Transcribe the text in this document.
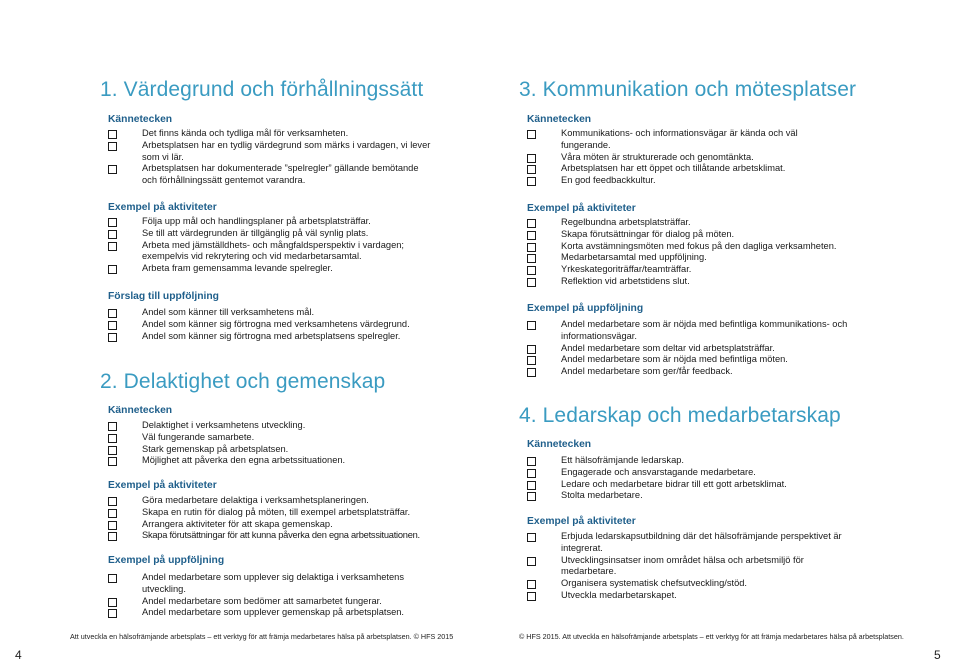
1. Värdegrund och förhållningssätt
Kännetecken
Det finns kända och tydliga mål för verksamheten.
Arbetsplatsen har en tydlig värdegrund som märks i vardagen, vi lever som vi lär.
Arbetsplatsen har dokumenterade ”spelregler” gällande bemötande och förhållningssätt gentemot varandra.
Exempel på aktiviteter
Följa upp mål och handlingsplaner på arbetsplatsträffar.
Se till att värdegrunden är tillgänglig på väl synlig plats.
Arbeta med jämställdhets- och mångfaldsperspektiv i vardagen; exempelvis vid rekrytering och vid medarbetarsamtal.
Arbeta fram gemensamma levande spelregler.
Förslag till uppföljning
Andel som känner till verksamhetens mål.
Andel som känner sig förtrogna med verksamhetens värdegrund.
Andel som känner sig förtrogna med arbetsplatsens spelregler.
2. Delaktighet och gemenskap
Kännetecken
Delaktighet i verksamhetens utveckling.
Väl fungerande samarbete.
Stark gemenskap på arbetsplatsen.
Möjlighet att påverka den egna arbetssituationen.
Exempel på aktiviteter
Göra medarbetare delaktiga i verksamhetsplaneringen.
Skapa en rutin för dialog på möten, till exempel arbetsplatsträffar.
Arrangera aktiviteter för att skapa gemenskap.
Skapa förutsättningar för att kunna påverka den egna arbetssituationen.
Exempel på uppföljning
Andel medarbetare som upplever sig delaktiga i verksamhetens utveckling.
Andel medarbetare som bedömer att samarbetet fungerar.
Andel medarbetare som upplever gemenskap på arbetsplatsen.
Att utveckla en hälsofrämjande arbetsplats – ett verktyg för att främja medarbetares hälsa på arbetsplatsen. © HFS 2015
4
3. Kommunikation och mötesplatser
Kännetecken
Kommunikations- och informationsvägar är kända och väl fungerande.
Våra möten är strukturerade och genomtänkta.
Arbetsplatsen har ett öppet och tillåtande arbetsklimat.
En god feedbackkultur.
Exempel på aktiviteter
Regelbundna arbetsplatsträffar.
Skapa förutsättningar för dialog på möten.
Korta avstämningsmöten med fokus på den dagliga verksamheten.
Medarbetarsamtal med uppföljning.
Yrkeskategoriträffar/teamträffar.
Reflektion vid arbetstidens slut.
Exempel på uppföljning
Andel medarbetare som är nöjda med befintliga kommunikations- och informationsvägar.
Andel medarbetare som deltar vid arbetsplatsträffar.
Andel medarbetare som är nöjda med befintliga möten.
Andel medarbetare som ger/får feedback.
4. Ledarskap och medarbetarskap
Kännetecken
Ett hälsofrämjande ledarskap.
Engagerade och ansvarstagande medarbetare.
Ledare och medarbetare bidrar till ett gott arbetsklimat.
Stolta medarbetare.
Exempel på aktiviteter
Erbjuda ledarskapsutbildning där det hälsofrämjande perspektivet är integrerat.
Utvecklingsinsatser inom området hälsa och arbetsmiljö för medarbetare.
Organisera systematisk chefsutveckling/stöd.
Utveckla medarbetarskapet.
© HFS 2015. Att utveckla en hälsofrämjande arbetsplats – ett verktyg för att främja medarbetares hälsa på arbetsplatsen.
5
